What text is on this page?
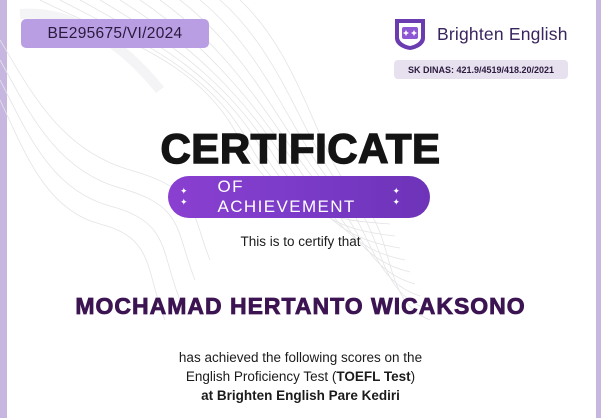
BE295675/VI/2024	Brighten English
SK DINAS: 421.9/4519/418.20/2021
CERTIFICATE
✦ ✦
OF ACHIEVEMENT
✦ ✦
This is to certify that
MOCHAMAD HERTANTO WICAKSONO
has achieved the following scores on the
English Proficiency Test (TOEFL Test)
at Brighten English Pare Kediri
